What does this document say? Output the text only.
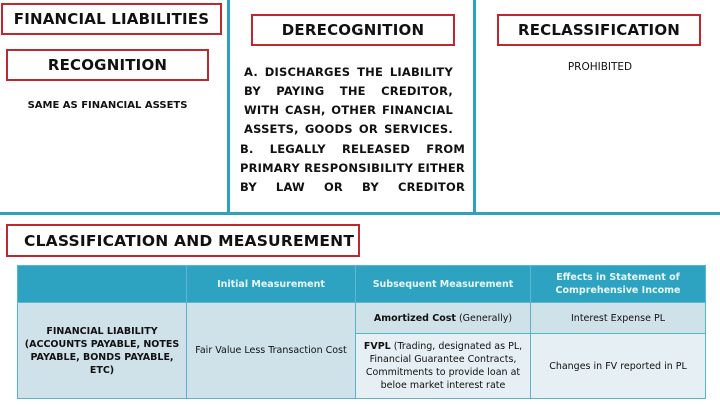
FINANCIAL LIABILITIES
RECOGNITION
SAME AS FINANCIAL ASSETS
DERECOGNITION
A. DISCHARGES THE LIABILITY BY PAYING THE CREDITOR, WITH CASH, OTHER FINANCIAL ASSETS, GOODS OR SERVICES.
B. LEGALLY RELEASED FROM PRIMARY RESPONSIBILITY EITHER BY LAW OR BY CREDITOR
RECLASSIFICATION
PROHIBITED
CLASSIFICATION AND MEASUREMENT
	Initial Measurement	Subsequent Measurement	Effects in Statement of Comprehensive Income
FINANCIAL LIABILITY (ACCOUNTS PAYABLE, NOTES PAYABLE, BONDS PAYABLE, ETC)	Fair Value Less Transaction Cost	Amortized Cost (Generally)	Interest Expense PL
		FVPL (Trading, designated as PL, Financial Guarantee Contracts, Commitments to provide loan at beloe market interest rate	Changes in FV reported in PL
